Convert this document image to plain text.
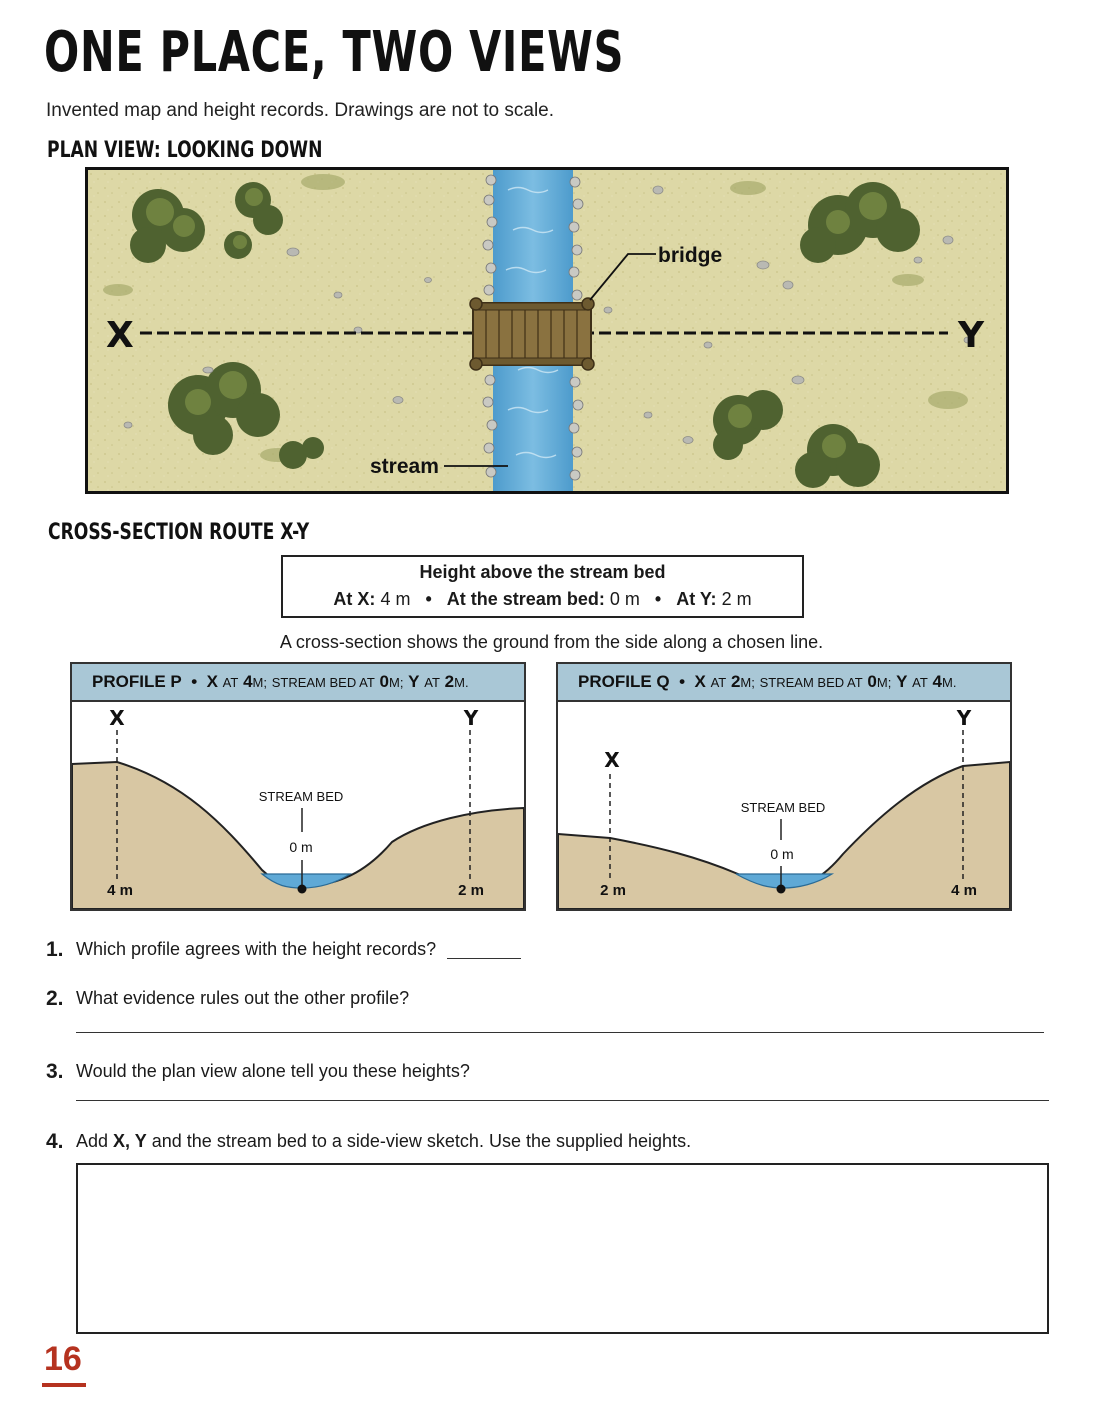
ONE PLACE, TWO VIEWS
Invented map and height records. Drawings are not to scale.
PLAN VIEW: LOOKING DOWN
X	Y
bridge
stream
CROSS-SECTION ROUTE X-Y
Height above the stream bed
At X: 4 m • At the stream bed: 0 m • At Y: 2 m
A cross-section shows the ground from the side along a chosen line.
PROFILE P • X AT 4M; STREAM BED AT 0M; Y AT 2M.
X	Y
STREAM BED
0 m
4 m	2 m
PROFILE Q • X AT 2M; STREAM BED AT 0M; Y AT 4M.
X
Y
STREAM BED
0 m
2 m	4 m
1. Which profile agrees with the height records?
2. What evidence rules out the other profile?
3. Would the plan view alone tell you these heights?
4. Add X, Y and the stream bed to a side-view sketch. Use the supplied heights.
16
